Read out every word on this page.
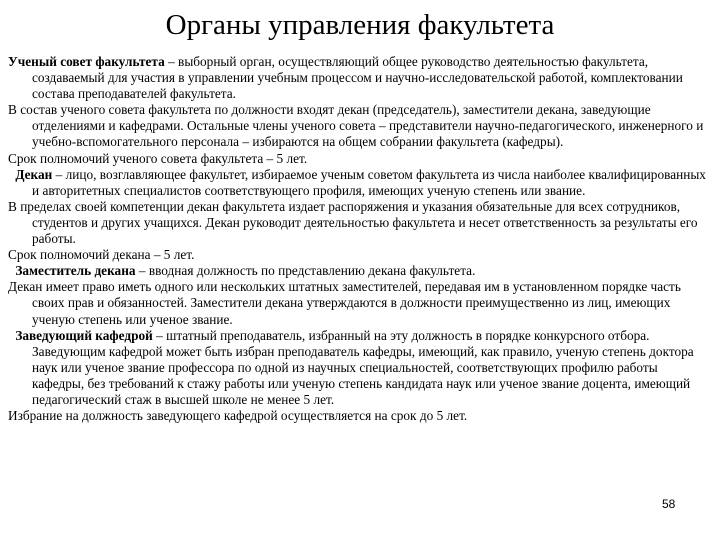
Органы управления факультета

Ученый совет факультета – выборный орган, осуществляющий общее руководство деятельностью факультета, создаваемый для участия в управлении учебным процессом и научно-исследовательской работой, комплектовании состава преподавателей факультета.

В состав ученого совета факультета по должности входят декан (председатель), заместители декана, заведующие отделениями и кафедрами. Остальные члены ученого совета – представители научно-педагогического, инженерного и учебно-вспомогательного персонала – избираются на общем собрании факультета (кафедры).

Срок полномочий ученого совета факультета – 5 лет.

Декан – лицо, возглавляющее факультет, избираемое ученым советом факультета из числа наиболее квалифицированных и авторитетных специалистов соответствующего профиля, имеющих ученую степень или звание.

В пределах своей компетенции декан факультета издает распоряжения и указания обязательные для всех сотрудников, студентов и других учащихся. Декан руководит деятельностью факультета и несет ответственность за результаты его работы.

Срок полномочий декана – 5 лет.

Заместитель декана – вводная должность по представлению декана факультета.

Декан имеет право иметь одного или нескольких штатных заместителей, передавая им в установленном порядке часть своих прав и обязанностей. Заместители декана утверждаются в должности преимущественно из лиц, имеющих ученую степень или ученое звание.

Заведующий кафедрой – штатный преподаватель, избранный на эту должность в порядке конкурсного отбора. Заведующим кафедрой может быть избран преподаватель кафедры, имеющий, как правило, ученую степень доктора наук или ученое звание профессора по одной из научных специальностей, соответствующих профилю работы кафедры, без требований к стажу работы или ученую степень кандидата наук или ученое звание доцента, имеющий педагогический стаж в высшей школе не менее 5 лет.

Избрание на должность заведующего кафедрой осуществляется на срок до 5 лет.

58
